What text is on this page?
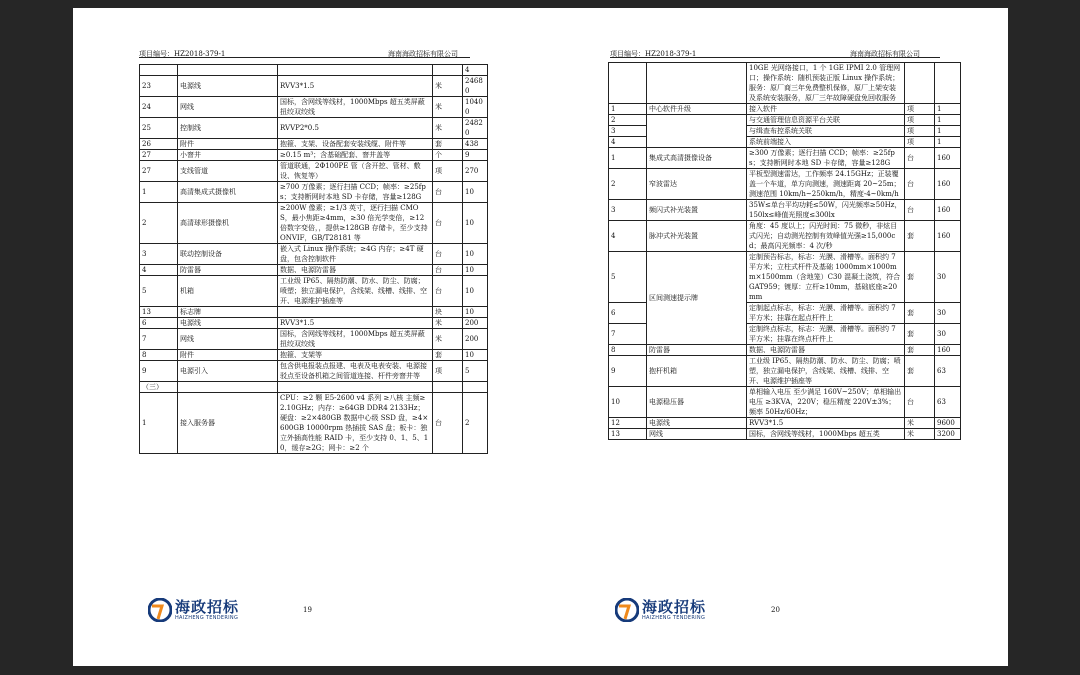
项目编号：HZ2018-379-1	海南海政招标有限公司
				4
23	电源线	RVV3*1.5	米	2468 0
24	网线	国标，含网线等线材，1000Mbps 超五类屏蔽扭绞双绞线	米	1040 0
25	控制线	RVVP2*0.5	米	2482 0
26	附件	抱箍、支架、设备配套安装线缆、附件等	套	438
27	小窨井	≥0.15 m³；含基础配套、窨井盖等	个	9
27	支线管道	管道联通，2Φ100PE 管（含开挖、管材、敷设、恢复等）	项	270
1	高清集成式摄像机	≥700 万像素；逐行扫描 CCD；帧率：≥25fps；支持断网时本地 SD 卡存储，容量≥128G	台	10
2	高清球形摄像机	≥200W 像素；≥1/3 英寸，逐行扫描 CMOS，最小焦距≥4mm，≥30 倍光学变倍，≥12 倍数字变倍，，提供≥128GB 存储卡，至少支持 ONVIF，GB/T28181 等	台	10
3	联动控制设备	嵌入式 Linux 操作系统；≥4G 内存；≥4T 硬盘，包含控制软件	台	10
4	防雷器	数据、电源防雷器	台	10
5	机箱	工业级 IP65、隔热防潮、防水、防尘、防腐；喷塑；独立漏电保护，含线架、线槽、线排、空开、电源维护插座等	台	10
13	标志牌		块	10
6	电源线	RVV3*1.5	米	200
7	网线	国标，含网线等线材，1000Mbps 超五类屏蔽扭绞双绞线	米	200
8	附件	抱箍、支架等	套	10
9	电源引入	包含供电报装点报建、电表及电表安装、电源接驳点至设备机箱之间管道连接、杆件旁窨井等	项	5
（三）				
1	接入服务器	CPU：≥2 颗 E5-2600 v4 系列 ≥八核 主频≥2.10GHz；内存：≥64GB DDR4 2133Hz；硬盘：≥2×480GB 数据中心级 SSD 盘，≥4×600GB 10000rpm 热插拔 SAS 盘；板卡：独立外插高性能 RAID 卡，至少支持 0、1、5、10，缓存≥2G；网卡：≥2 个	台	2
19
海政招标
HAIZHENG TENDERING
项目编号：HZ2018-379-1	海南海政招标有限公司
		10GE 光网络接口，1 个 1GE IPMI 2.0 管理网口；操作系统：随机预装正版 Linux 操作系统；服务：原厂商三年免费整机保修，原厂上架安装及系统安装服务，原厂三年故障硬盘免回收服务		
1	中心软件升级	接入软件	项	1
2		与交通管理信息资源平台关联	项	1
3		与缉查布控系统关联	项	1
4		系统前端接入	项	1
1	集成式高清摄像设备	≥300 万像素；逐行扫描 CCD；帧率：≥25fps；支持断网时本地 SD 卡存储，容量≥128G	台	160
2	窄波雷达	平板型测速雷达，工作频率 24.15GHz；正装覆盖一个车道，单方向测速，测速距离 20~25m；测速范围 10km/h~250km/h，精度-4~0km/h	台	160
3	频闪式补光装置	35W≤单台平均功耗≤50W，闪光频率≥50Hz，150lx≤峰值光照度≤300lx	台	160
4	脉冲式补光装置	角度：45 度以上；闪光时间：75 微秒，非炫目式闪光；自动测光控制有效峰值光强≥15,000cd；最高闪光频率：4 次/秒	套	160
5	区间测速提示牌	定制预告标志，标志：光膜、滑槽等。面积约 7 平方米；立柱式杆件及基础 1000mm×1000mm×1500mm（含地笼）C30 混凝土浇筑，符合 GAT959；镀厚：立杆≥10mm，基础底座≥20mm	套	30
6		定制起点标志，标志：光膜、滑槽等。面积约 7 平方米；挂靠在起点杆件上	套	30
7		定制终点标志，标志：光膜、滑槽等。面积约 7 平方米；挂靠在终点杆件上	套	30
8	防雷器	数据、电源防雷器	套	160
9	抱杆机箱	工业级 IP65、隔热防潮、防水、防尘、防腐；喷塑，独立漏电保护，含线架、线槽、线排、空开、电源维护插座等	套	63
10	电源稳压器	单相输入电压 至少满足 160V~250V；单相输出电压 ≥3KVA，220V；稳压精度 220V±3%；频率 50Hz/60Hz；	台	63
12	电源线	RVV3*1.5	米	9600
13	网线	国标，含网线等线材，1000Mbps 超五类	米	3200
20
海政招标
HAIZHENG TENDERING
